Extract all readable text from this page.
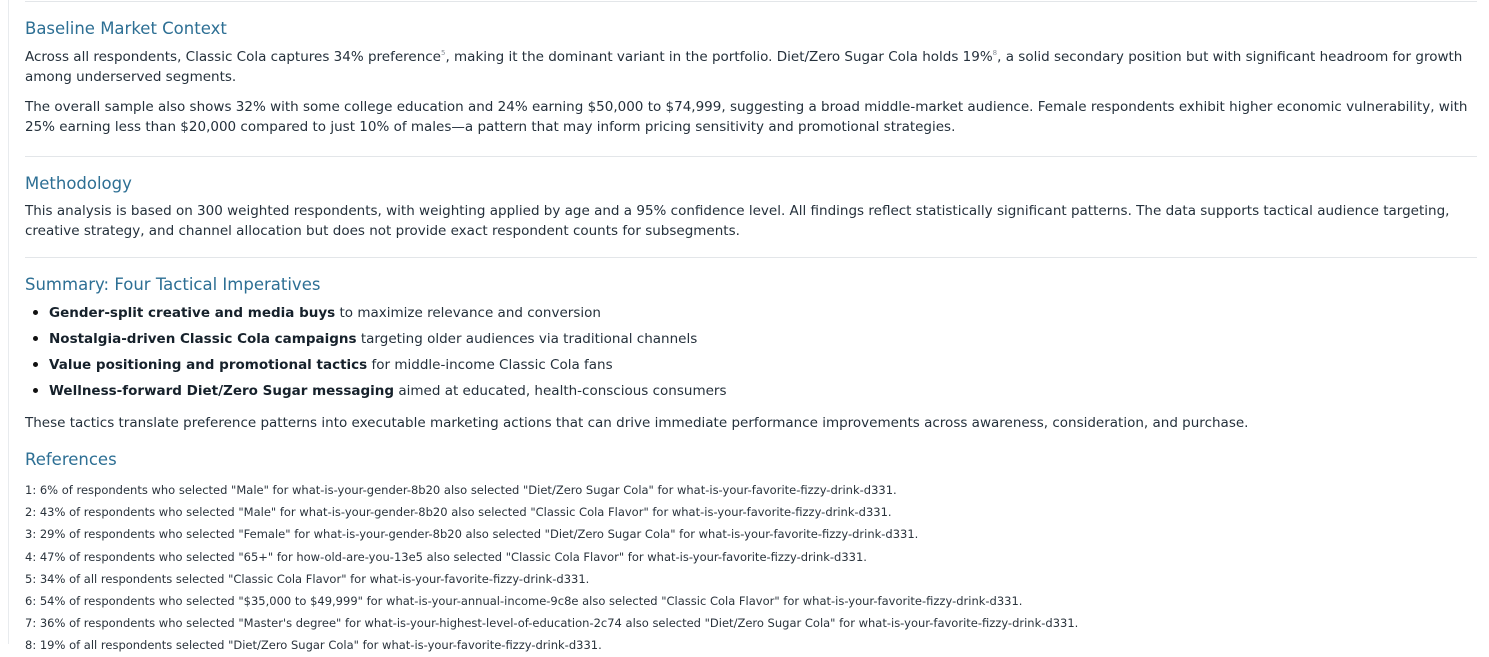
Baseline Market Context

Across all respondents, Classic Cola captures 34% preference$^5$, making it the dominant variant in the portfolio. Diet/Zero Sugar Cola holds 19%$^8$, a solid secondary position but with significant headroom for growth among underserved segments.

The overall sample also shows 32% with some college education and 24% earning $50,000 to $74,999, suggesting a broad middle-market audience. Female respondents exhibit higher economic vulnerability, with 25% earning less than $20,000 compared to just 10% of males—a pattern that may inform pricing sensitivity and promotional strategies.

Methodology

This analysis is based on 300 weighted respondents, with weighting applied by age and a 95% confidence level. All findings reflect statistically significant patterns. The data supports tactical audience targeting, creative strategy, and channel allocation but does not provide exact respondent counts for subsegments.

Summary: Four Tactical Imperatives
Gender-split creative and media buys to maximize relevance and conversion
Nostalgia-driven Classic Cola campaigns targeting older audiences via traditional channels
Value positioning and promotional tactics for middle-income Classic Cola fans
Wellness-forward Diet/Zero Sugar messaging aimed at educated, health-conscious consumers

These tactics translate preference patterns into executable marketing actions that can drive immediate performance improvements across awareness, consideration, and purchase.

References
1: 6% of respondents who selected "Male" for what-is-your-gender-8b20 also selected "Diet/Zero Sugar Cola" for what-is-your-favorite-fizzy-drink-d331.
2: 43% of respondents who selected "Male" for what-is-your-gender-8b20 also selected "Classic Cola Flavor" for what-is-your-favorite-fizzy-drink-d331.
3: 29% of respondents who selected "Female" for what-is-your-gender-8b20 also selected "Diet/Zero Sugar Cola" for what-is-your-favorite-fizzy-drink-d331.
4: 47% of respondents who selected "65+" for how-old-are-you-13e5 also selected "Classic Cola Flavor" for what-is-your-favorite-fizzy-drink-d331.
5: 34% of all respondents selected "Classic Cola Flavor" for what-is-your-favorite-fizzy-drink-d331.
6: 54% of respondents who selected "$35,000 to $49,999" for what-is-your-annual-income-9c8e also selected "Classic Cola Flavor" for what-is-your-favorite-fizzy-drink-d331.
7: 36% of respondents who selected "Master's degree" for what-is-your-highest-level-of-education-2c74 also selected "Diet/Zero Sugar Cola" for what-is-your-favorite-fizzy-drink-d331.
8: 19% of all respondents selected "Diet/Zero Sugar Cola" for what-is-your-favorite-fizzy-drink-d331.
